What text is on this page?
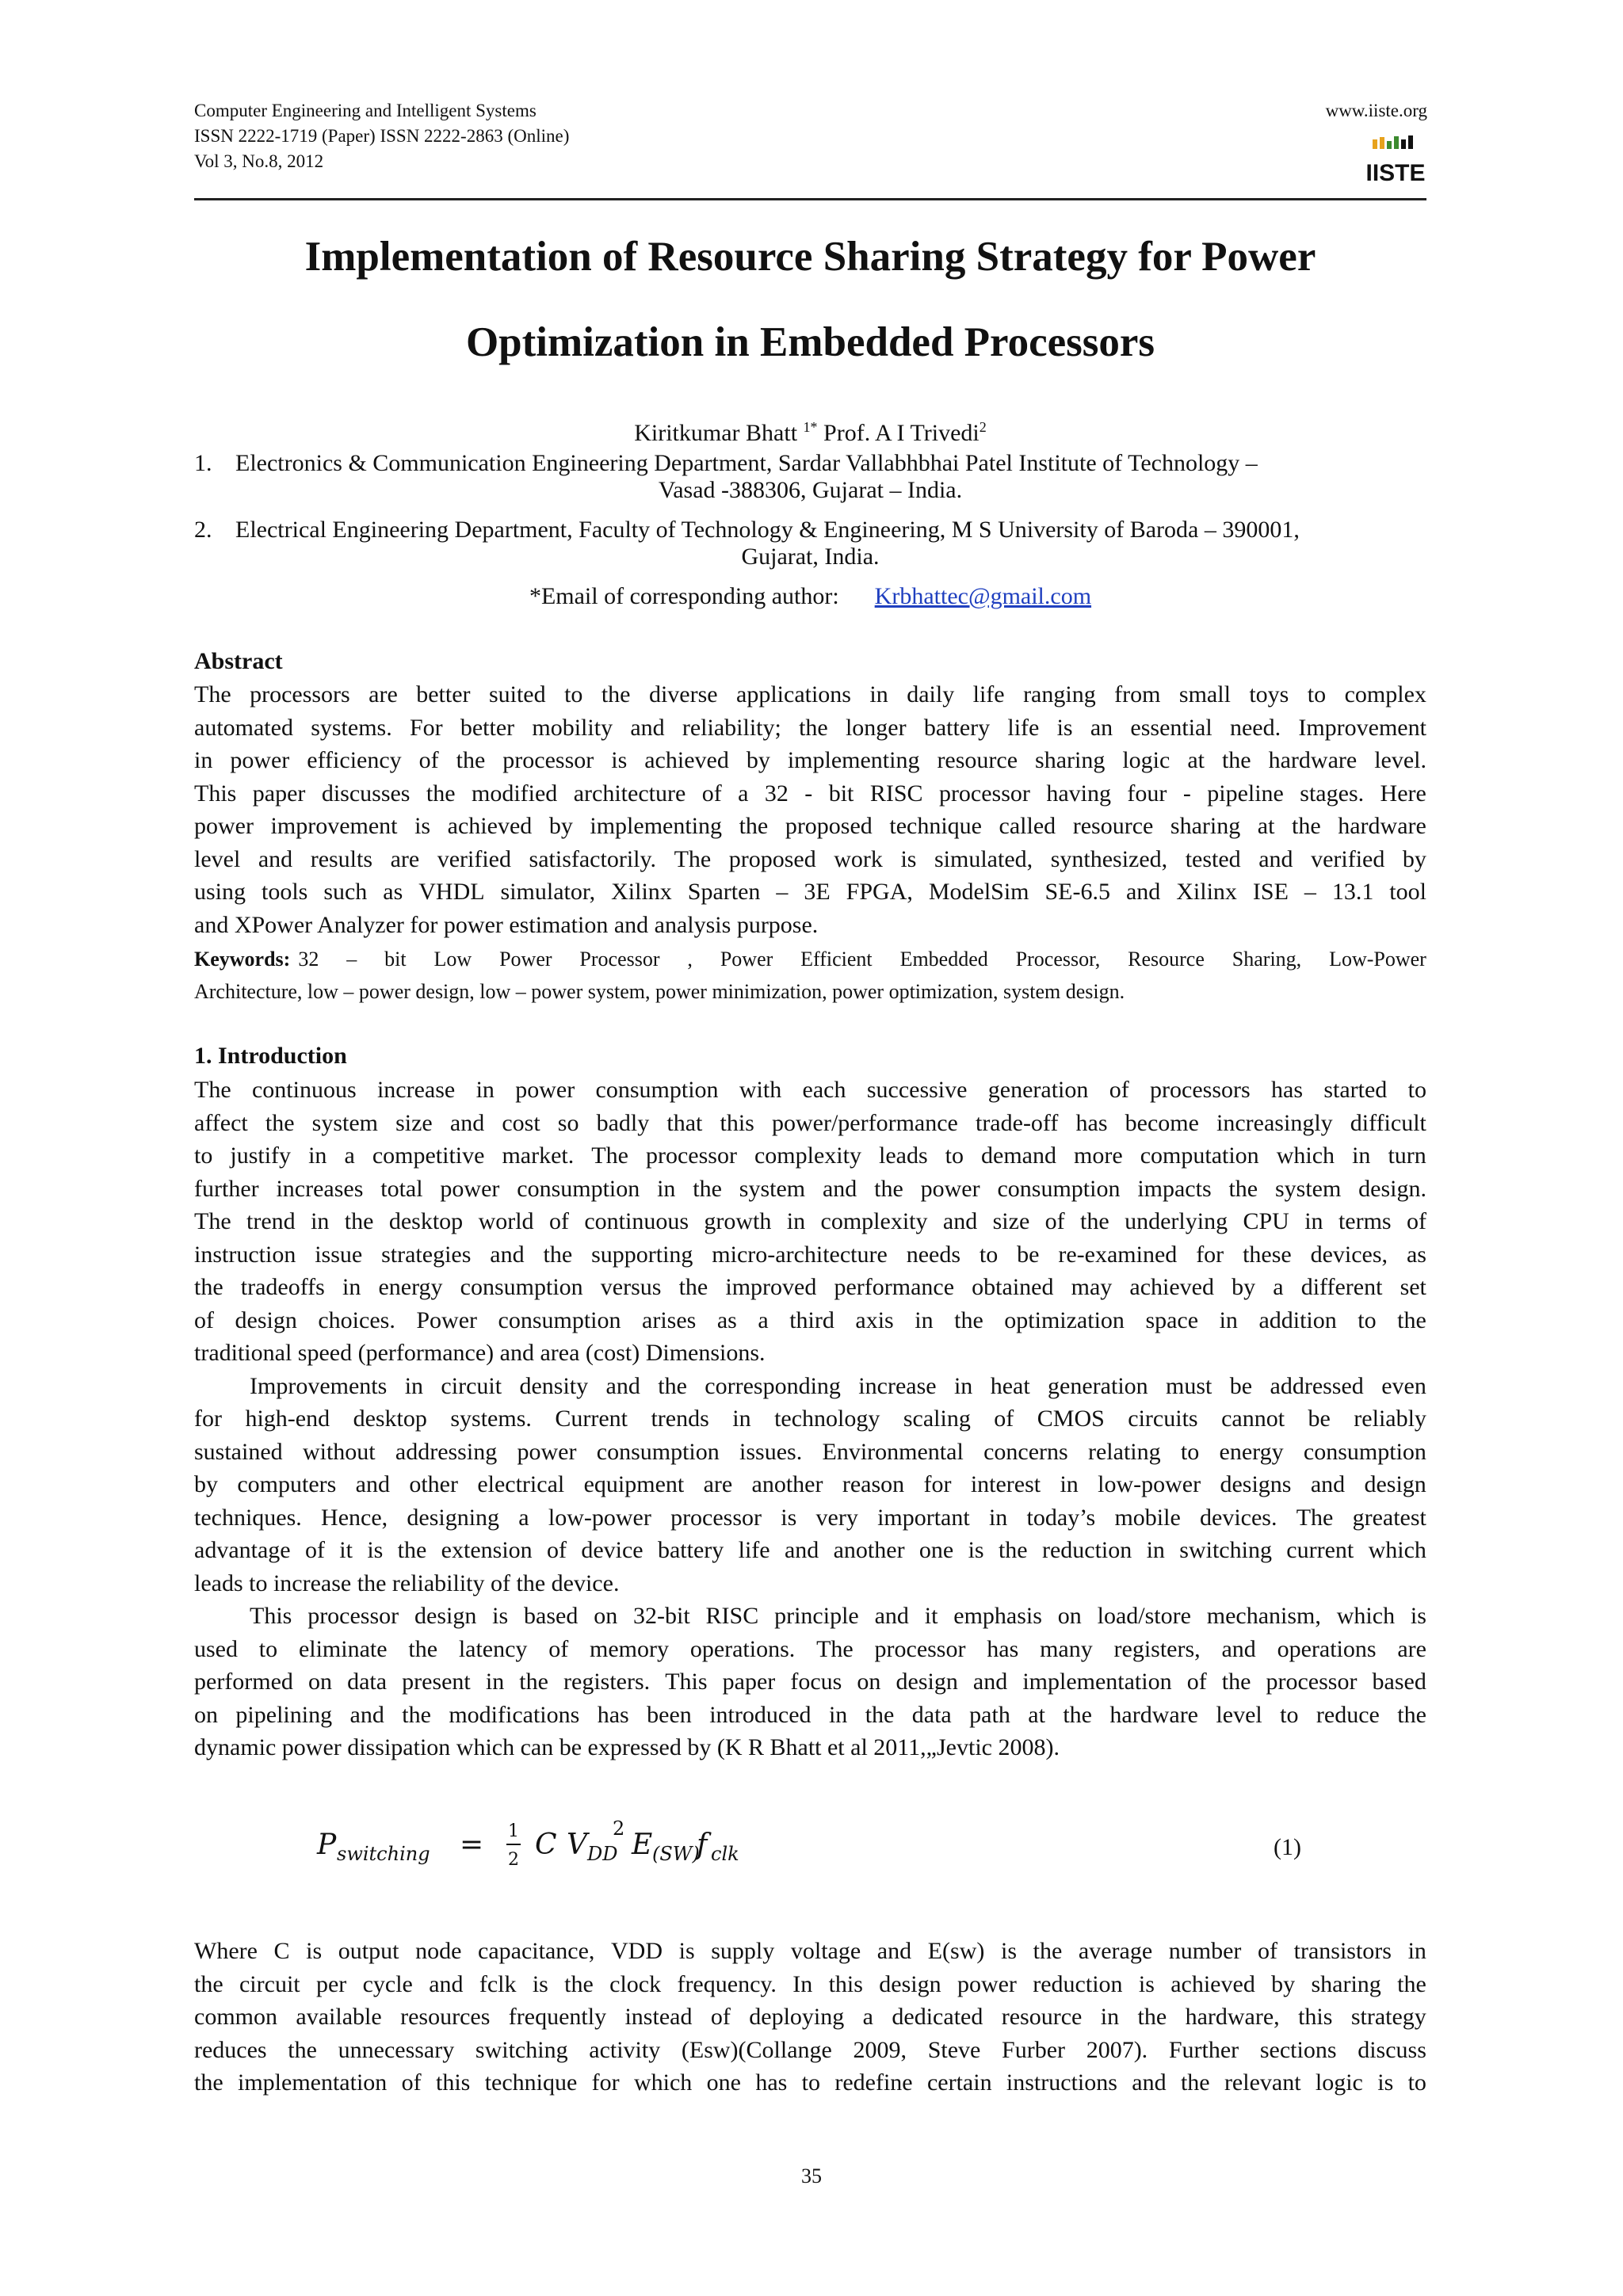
Computer Engineering and Intelligent Systems
ISSN 2222-1719 (Paper) ISSN 2222-2863 (Online)
Vol 3, No.8, 2012
www.iiste.org
IISTE
Implementation of Resource Sharing Strategy for Power
Optimization in Embedded Processors
Kiritkumar Bhatt $^{1*}$ Prof. A I Trivedi$^2$
1. Electronics & Communication Engineering Department, Sardar Vallabhbhai Patel Institute of Technology –
Vasad -388306, Gujarat – India.
2. Electrical Engineering Department, Faculty of Technology & Engineering, M S University of Baroda – 390001,
Gujarat, India.
*Email of corresponding author:      Krbhattec@gmail.com
Abstract
The processors are better suited to the diverse applications in daily life ranging from small toys to complex
automated systems. For better mobility and reliability; the longer battery life is an essential need. Improvement
in power efficiency of the processor is achieved by implementing resource sharing logic at the hardware level.
This paper discusses the modified architecture of a 32 - bit RISC processor having four - pipeline stages. Here
power improvement is achieved by implementing the proposed technique called resource sharing at the hardware
level and results are verified satisfactorily. The proposed work is simulated, synthesized, tested and verified by
using tools such as VHDL simulator, Xilinx Sparten – 3E FPGA, ModelSim SE-6.5 and Xilinx ISE – 13.1 tool
and XPower Analyzer for power estimation and analysis purpose.
Keywords: 32 – bit Low Power Processor , Power Efficient Embedded Processor, Resource Sharing, Low-Power
Architecture, low – power design, low – power system, power minimization, power optimization, system design.
1. Introduction
The continuous increase in power consumption with each successive generation of processors has started to
affect the system size and cost so badly that this power/performance trade-off has become increasingly difficult
to justify in a competitive market. The processor complexity leads to demand more computation which in turn
further increases total power consumption in the system and the power consumption impacts the system design.
The trend in the desktop world of continuous growth in complexity and size of the underlying CPU in terms of
instruction issue strategies and the supporting micro-architecture needs to be re-examined for these devices, as
the tradeoffs in energy consumption versus the improved performance obtained may achieved by a different set
of design choices. Power consumption arises as a third axis in the optimization space in addition to the
traditional speed (performance) and area (cost) Dimensions.
Improvements in circuit density and the corresponding increase in heat generation must be addressed even
for high-end desktop systems. Current trends in technology scaling of CMOS circuits cannot be reliably
sustained without addressing power consumption issues. Environmental concerns relating to energy consumption
by computers and other electrical equipment are another reason for interest in low-power designs and design
techniques. Hence, designing a low-power processor is very important in today’s mobile devices. The greatest
advantage of it is the extension of device battery life and another one is the reduction in switching current which
leads to increase the reliability of the device.
This processor design is based on 32-bit RISC principle and it emphasis on load/store mechanism, which is
used to eliminate the latency of memory operations. The processor has many registers, and operations are
performed on data present in the registers. This paper focus on design and implementation of the processor based
on pipelining and the modifications has been introduced in the data path at the hardware level to reduce the
dynamic power dissipation which can be expressed by (K R Bhatt et al 2011,„Jevtic 2008).
P switching = 1
2 C V DD
2 E (SW)
f clk	(1)
Where C is output node capacitance, VDD is supply voltage and E(sw) is the average number of transistors in
the circuit per cycle and fclk is the clock frequency. In this design power reduction is achieved by sharing the
common available resources frequently instead of deploying a dedicated resource in the hardware, this strategy
reduces the unnecessary switching activity (Esw)(Collange 2009, Steve Furber 2007). Further sections discuss
the implementation of this technique for which one has to redefine certain instructions and the relevant logic is to
35
